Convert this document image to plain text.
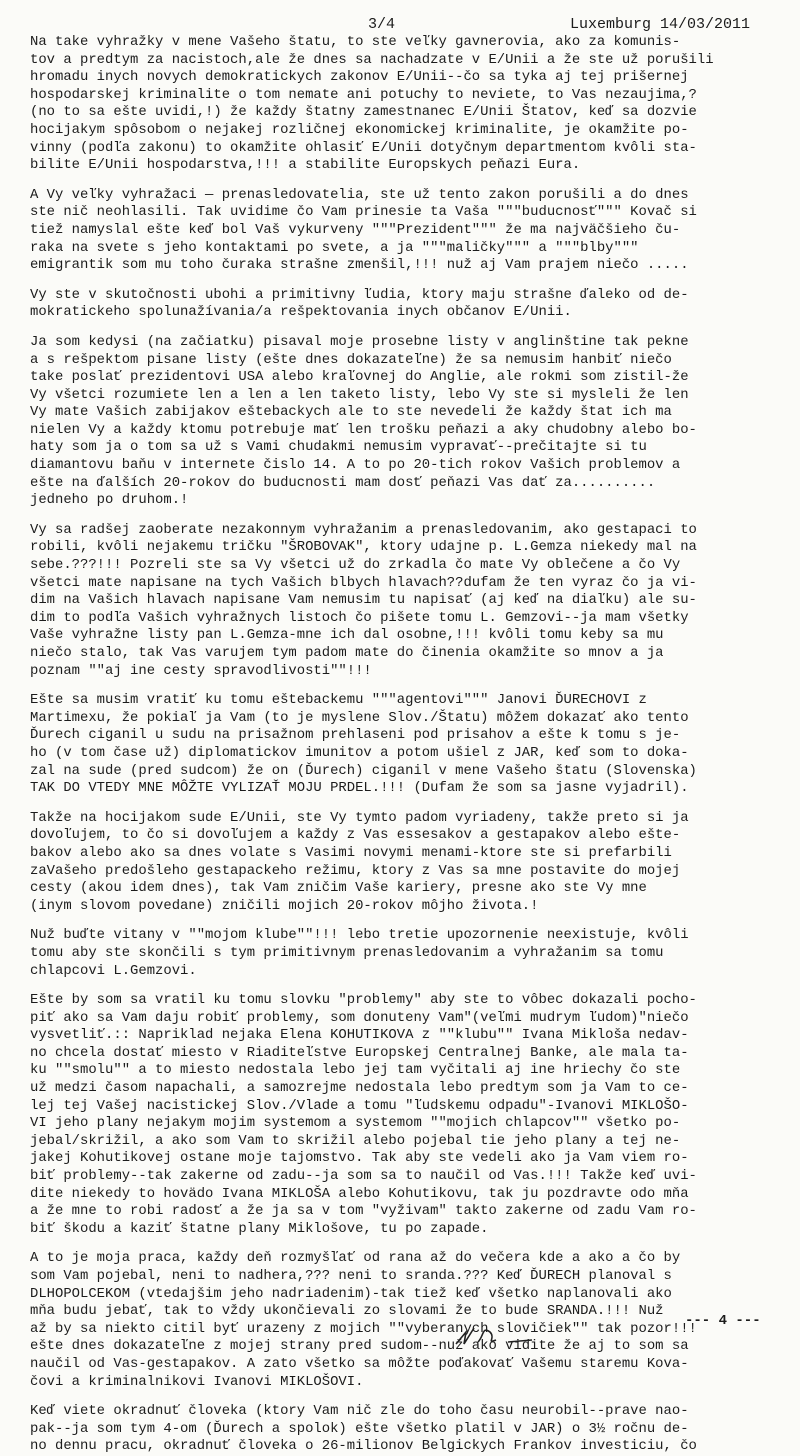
3/4	Luxemburg 14/03/2011
Na take vyhražky v mene Vašeho štatu, to ste veľky gavnerovia, ako za komunis-
tov a predtym za nacistoch,ale že dnes sa nachadzate v E/Unii a že ste už porušili
hromadu inych novych demokratickych zakonov E/Unii--čo sa tyka aj tej prišernej
hospodarskej kriminalite o tom nemate ani potuchy to neviete, to Vas nezaujima,?
(no to sa ešte uvidi,!) že každy štatny zamestnanec E/Unii Štatov, keď sa dozvie
hocijakym spôsobom o nejakej rozličnej ekonomickej kriminalite, je okamžite po-
vinny (podľa zakonu) to okamžite ohlasiť E/Unii dotyčnym departmentom kvôli sta-
bilite E/Unii hospodarstva,!!! a stabilite Europskych peňazi Eura.
A Vy veľky vyhražaci — prenasledovatelia, ste už tento zakon porušili a do dnes
ste nič neohlasili. Tak uvidime čo Vam prinesie ta Vaša """buducnosť""" Kovač si
tiež namyslal ešte keď bol Vaš vykurveny """Prezident""" že ma najväčšieho ču-
raka na svete s jeho kontaktami po svete, a ja """maličky""" a """blby"""
emigrantik som mu toho čuraka strašne zmenšil,!!! nuž aj Vam prajem niečo .....
Vy ste v skutočnosti ubohi a primitivny ľudia, ktory maju strašne ďaleko od de-
mokratickeho spolunažívania/a rešpektovania inych občanov E/Unii.
Ja som kedysi (na začiatku) pisaval moje prosebne listy v anglinštine tak pekne
a s rešpektom pisane listy (ešte dnes dokazateľne) že sa nemusim hanbiť niečo
take poslať prezidentovi USA alebo kraľovnej do Anglie, ale rokmi som zistil-že
Vy všetci rozumiete len a len a len taketo listy, lebo Vy ste si mysleli že len
Vy mate Vašich zabijakov eštebackych ale to ste nevedeli že každy štat ich ma
nielen Vy a každy ktomu potrebuje mať len trošku peňazi a aky chudobny alebo bo-
haty som ja o tom sa už s Vami chudakmi nemusim vypravať--prečitajte si tu
diamantovu baňu v internete čislo 14. A to po 20-tich rokov Vašich problemov a
ešte na ďalších 20-rokov do buducnosti mam dosť peňazi Vas dať za..........
jedneho po druhom.!
Vy sa radšej zaoberate nezakonnym vyhražanim a prenasledovanim, ako gestapaci to
robili, kvôli nejakemu tričku "ŠROBOVAK", ktory udajne p. L.Gemza niekedy mal na
sebe.???!!! Pozreli ste sa Vy všetci už do zrkadla čo mate Vy oblečene a čo Vy
všetci mate napisane na tych Vašich blbych hlavach??dufam že ten vyraz čo ja vi-
dim na Vašich hlavach napisane Vam nemusim tu napisať (aj keď na diaľku) ale su-
dim to podľa Vašich vyhražnych listoch čo pišete tomu L. Gemzovi--ja mam všetky
Vaše vyhražne listy pan L.Gemza-mne ich dal osobne,!!! kvôli tomu keby sa mu
niečo stalo, tak Vas varujem tym padom mate do činenia okamžite so mnov a ja
poznam ""aj ine cesty spravodlivosti""!!!
Ešte sa musim vratiť ku tomu eštebackemu """agentovi""" Janovi ĎURECHOVI z
Martimexu, že pokiaľ ja Vam (to je myslene Slov./Štatu) môžem dokazať ako tento
Ďurech ciganil u sudu na prisažnom prehlaseni pod prisahov a ešte k tomu s je-
ho (v tom čase už) diplomatickov imunitov a potom ušiel z JAR, keď som to doka-
zal na sude (pred sudcom) že on (Ďurech) ciganil v mene Vašeho štatu (Slovenska)
TAK DO VTEDY MNE MÔŽTE VYLIZAŤ MOJU PRDEL.!!! (Dufam že som sa jasne vyjadril).
Takže na hocijakom sude E/Unii, ste Vy tymto padom vyriadeny, takže preto si ja
dovoľujem, to čo si dovoľujem a každy z Vas essesakov a gestapakov alebo ešte-
bakov alebo ako sa dnes volate s Vasimi novymi menami-ktore ste si prefarbili
zaVašeho predošleho gestapackeho režimu, ktory z Vas sa mne postavite do mojej
cesty (akou idem dnes), tak Vam zničim Vaše kariery, presne ako ste Vy mne
(inym slovom povedane) zničili mojich 20-rokov môjho života.!
Nuž buďte vitany v ""mojom klube""!!! lebo tretie upozornenie neexistuje, kvôli
tomu aby ste skončili s tym primitivnym prenasledovanim a vyhražanim sa tomu
chlapcovi L.Gemzovi.
Ešte by som sa vratil ku tomu slovku "problemy" aby ste to vôbec dokazali pocho-
piť ako sa Vam daju robiť problemy, som donuteny Vam"(veľmi mudrym ľudom)"niečo
vysvetliť.:: Napriklad nejaka Elena KOHUTIKOVA z ""klubu"" Ivana Mikloša nedav-
no chcela dostať miesto v Riaditeľstve Europskej Centralnej Banke, ale mala ta-
ku ""smolu"" a to miesto nedostala lebo jej tam vyčitali aj ine hriechy čo ste
už medzi časom napachali, a samozrejme nedostala lebo predtym som ja Vam to ce-
lej tej Vašej nacistickej Slov./Vlade a tomu "ľudskemu odpadu"-Ivanovi MIKLOŠO-
VI jeho plany nejakym mojim systemom a systemom ""mojich chlapcov"" všetko po-
jebal/skrižil, a ako som Vam to skrižil alebo pojebal tie jeho plany a tej ne-
jakej Kohutikovej ostane moje tajomstvo. Tak aby ste vedeli ako ja Vam viem ro-
biť problemy--tak zakerne od zadu--ja som sa to naučil od Vas.!!! Takže keď uvi-
dite niekedy to hovädo Ivana MIKLOŠA alebo Kohutikovu, tak ju pozdravte odo mňa
a že mne to robi radosť a že ja sa v tom "vyživam" takto zakerne od zadu Vam ro-
biť škodu a kaziť štatne plany Miklošove, tu po zapade.
A to je moja praca, každy deň rozmyšľať od rana až do večera kde a ako a čo by
som Vam pojebal, neni to nadhera,??? neni to sranda.??? Keď ĎURECH planoval s
DLHOPOLCEKOM (vtedajšim jeho nadriadenim)-tak tiež keď všetko naplanovali ako
mňa budu jebať, tak to vždy ukončievali zo slovami že to bude SRANDA.!!! Nuž
až by sa niekto citil byť urazeny z mojich ""vyberanych slovičiek"" tak pozor!!!
ešte dnes dokazateľne z mojej strany pred sudom--nuž ako vidite že aj to som sa
naučil od Vas-gestapakov. A zato všetko sa môžte poďakovať Vašemu staremu Kova-
čovi a kriminalnikovi Ivanovi MIKLOŠOVI.
Keď viete okradnuť človeka (ktory Vam nič zle do toho času neurobil--prave nao-
pak--ja som tym 4-om (Ďurech a spolok) ešte všetko platil v JAR) o 3½ ročnu de-
no dennu pracu, okradnuť človeka o 26-milionov Belgickych Frankov investiciu, čo
--- 4 ---
